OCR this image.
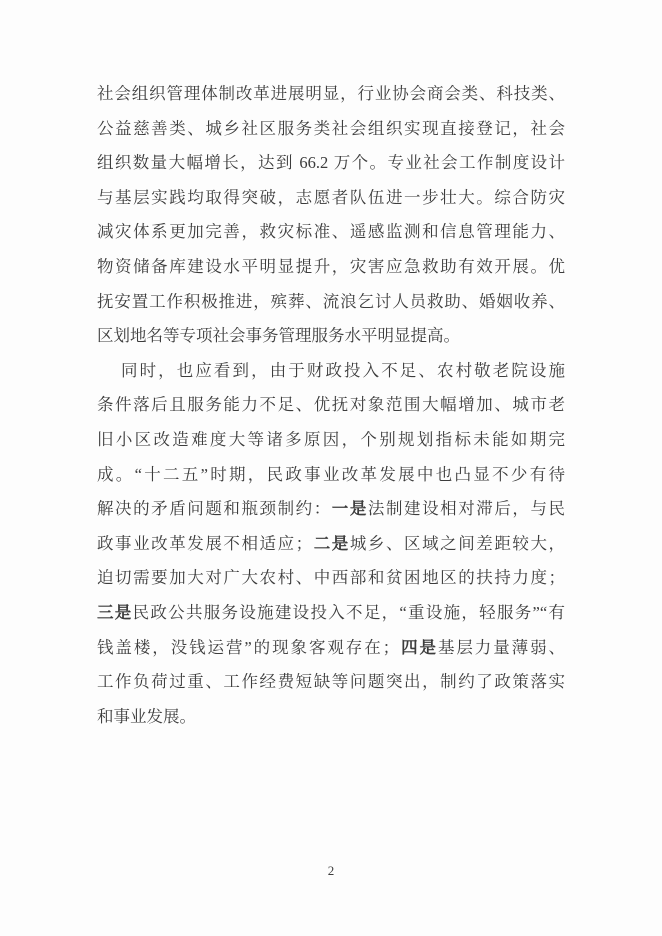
社会组织管理体制改革进展明显，行业协会商会类、科技类、
公益慈善类、城乡社区服务类社会组织实现直接登记，社会
组织数量大幅增长，达到 66.2 万个。专业社会工作制度设计
与基层实践均取得突破，志愿者队伍进一步壮大。综合防灾
减灾体系更加完善，救灾标准、遥感监测和信息管理能力、
物资储备库建设水平明显提升，灾害应急救助有效开展。优
抚安置工作积极推进，殡葬、流浪乞讨人员救助、婚姻收养、
区划地名等专项社会事务管理服务水平明显提高。
同时，也应看到，由于财政投入不足、农村敬老院设施
条件落后且服务能力不足、优抚对象范围大幅增加、城市老
旧小区改造难度大等诸多原因，个别规划指标未能如期完
成。“十二五”时期，民政事业改革发展中也凸显不少有待
解决的矛盾问题和瓶颈制约：一是法制建设相对滞后，与民
政事业改革发展不相适应；二是城乡、区域之间差距较大，
迫切需要加大对广大农村、中西部和贫困地区的扶持力度；
三是民政公共服务设施建设投入不足，“重设施，轻服务”“有
钱盖楼，没钱运营”的现象客观存在；四是基层力量薄弱、
工作负荷过重、工作经费短缺等问题突出，制约了政策落实
和事业发展。
2
